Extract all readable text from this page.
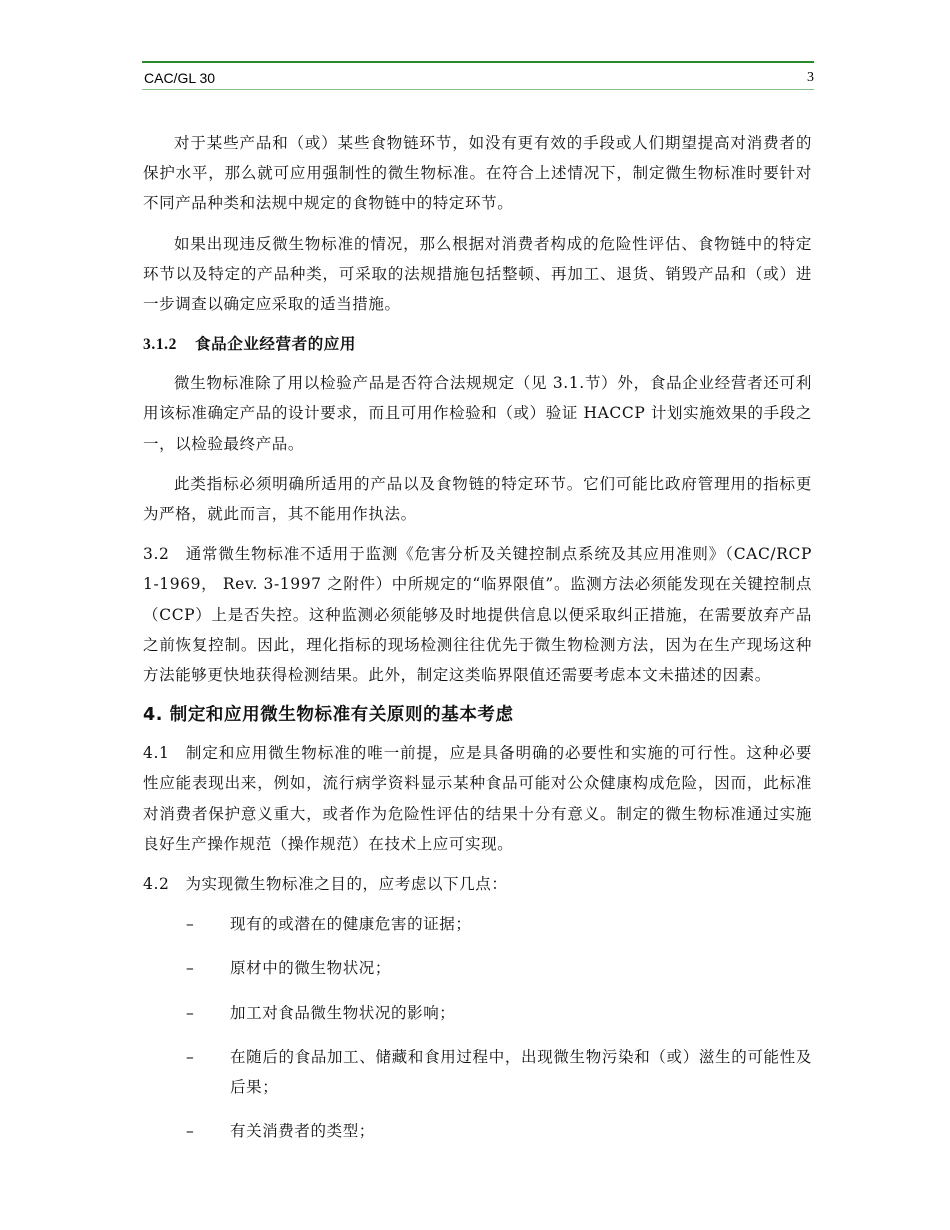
CAC/GL 30	3

对于某些产品和（或）某些食物链环节，如没有更有效的手段或人们期望提高对消费者的保护水平，那么就可应用强制性的微生物标准。在符合上述情况下，制定微生物标准时要针对不同产品种类和法规中规定的食物链中的特定环节。

如果出现违反微生物标准的情况，那么根据对消费者构成的危险性评估、食物链中的特定环节以及特定的产品种类，可采取的法规措施包括整顿、再加工、退货、销毁产品和（或）进一步调查以确定应采取的适当措施。

3.1.2 食品企业经营者的应用

微生物标准除了用以检验产品是否符合法规规定（见 3.1.节）外，食品企业经营者还可利用该标准确定产品的设计要求，而且可用作检验和（或）验证 HACCP 计划实施效果的手段之一，以检验最终产品。

此类指标必须明确所适用的产品以及食物链的特定环节。它们可能比政府管理用的指标更为严格，就此而言，其不能用作执法。

3.2 通常微生物标准不适用于监测《危害分析及关键控制点系统及其应用准则》（CAC/RCP 1-1969， Rev. 3-1997 之附件）中所规定的“临界限值”。监测方法必须能发现在关键控制点（CCP）上是否失控。这种监测必须能够及时地提供信息以便采取纠正措施，在需要放弃产品之前恢复控制。因此，理化指标的现场检测往往优先于微生物检测方法，因为在生产现场这种方法能够更快地获得检测结果。此外，制定这类临界限值还需要考虑本文未描述的因素。

4. 制定和应用微生物标准有关原则的基本考虑

4.1 制定和应用微生物标准的唯一前提，应是具备明确的必要性和实施的可行性。这种必要性应能表现出来，例如，流行病学资料显示某种食品可能对公众健康构成危险，因而，此标准对消费者保护意义重大，或者作为危险性评估的结果十分有意义。制定的微生物标准通过实施良好生产操作规范（操作规范）在技术上应可实现。

4.2 为实现微生物标准之目的，应考虑以下几点：

– 现有的或潜在的健康危害的证据；
– 原材中的微生物状况；
– 加工对食品微生物状况的影响；
– 在随后的食品加工、储藏和食用过程中，出现微生物污染和（或）滋生的可能性及后果；
– 有关消费者的类型；
